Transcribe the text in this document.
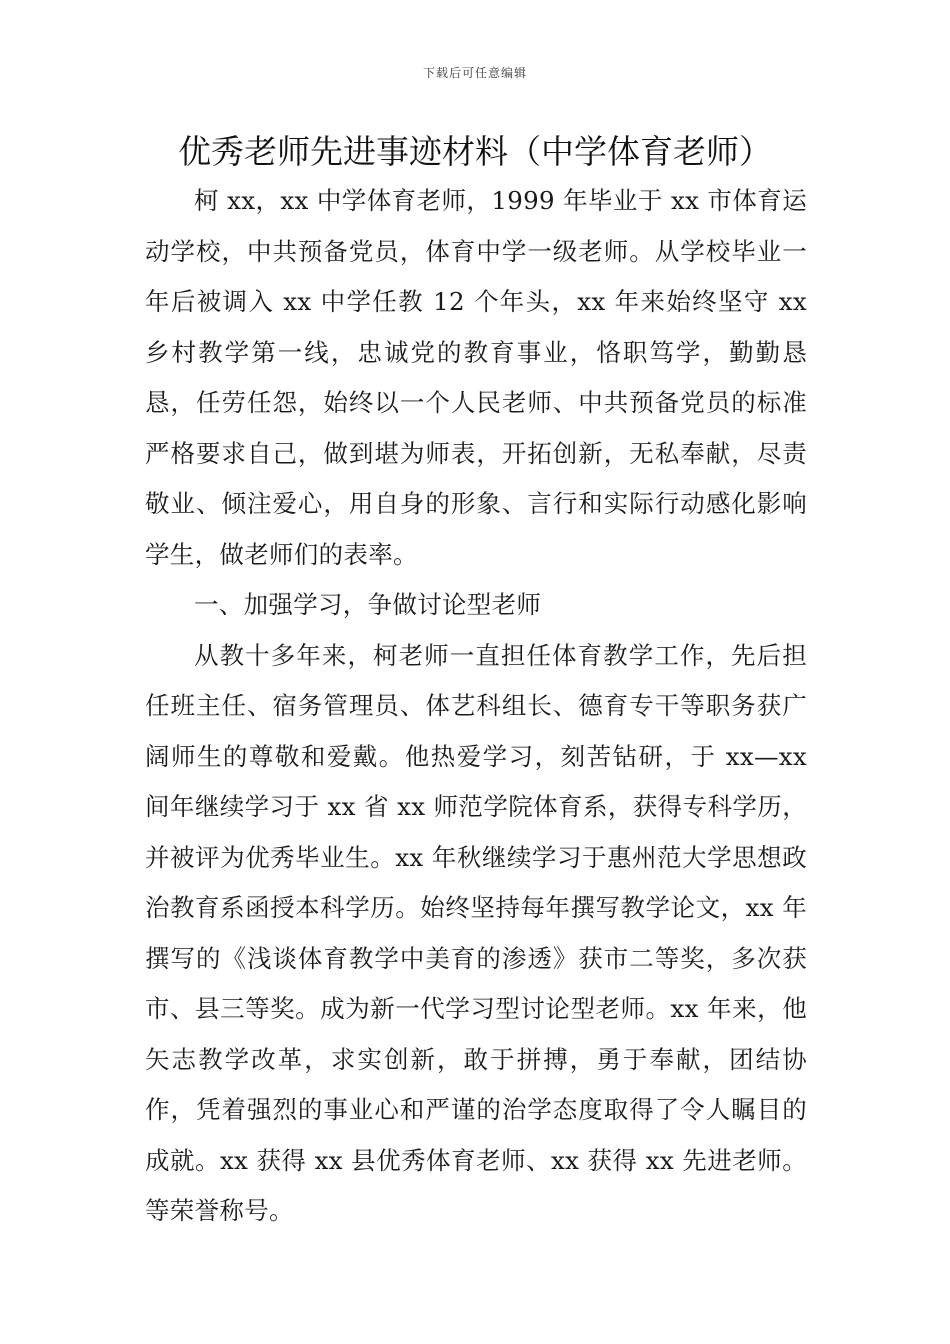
下载后可任意编辑
优秀老师先进事迹材料（中学体育老师）

柯 xx，xx 中学体育老师，1999 年毕业于 xx 市体育运动学校，中共预备党员，体育中学一级老师。从学校毕业一年后被调入 xx 中学任教 12 个年头，xx 年来始终坚守 xx 乡村教学第一线，忠诚党的教育事业，恪职笃学，勤勤恳恳，任劳任怨，始终以一个人民老师、中共预备党员的标准严格要求自己，做到堪为师表，开拓创新，无私奉献，尽责敬业、倾注爱心，用自身的形象、言行和实际行动感化影响学生，做老师们的表率。

一、加强学习，争做讨论型老师

从教十多年来，柯老师一直担任体育教学工作，先后担任班主任、宿务管理员、体艺科组长、德育专干等职务获广阔师生的尊敬和爱戴。他热爱学习，刻苦钻研，于 xx—xx 间年继续学习于 xx 省 xx 师范学院体育系，获得专科学历，并被评为优秀毕业生。xx 年秋继续学习于惠州范大学思想政治教育系函授本科学历。始终坚持每年撰写教学论文，xx 年撰写的《浅谈体育教学中美育的渗透》获市二等奖，多次获市、县三等奖。成为新一代学习型讨论型老师。xx 年来，他矢志教学改革，求实创新，敢于拼搏，勇于奉献，团结协作，凭着强烈的事业心和严谨的治学态度取得了令人瞩目的成就。xx 获得 xx 县优秀体育老师、xx 获得 xx 先进老师。等荣誉称号。
